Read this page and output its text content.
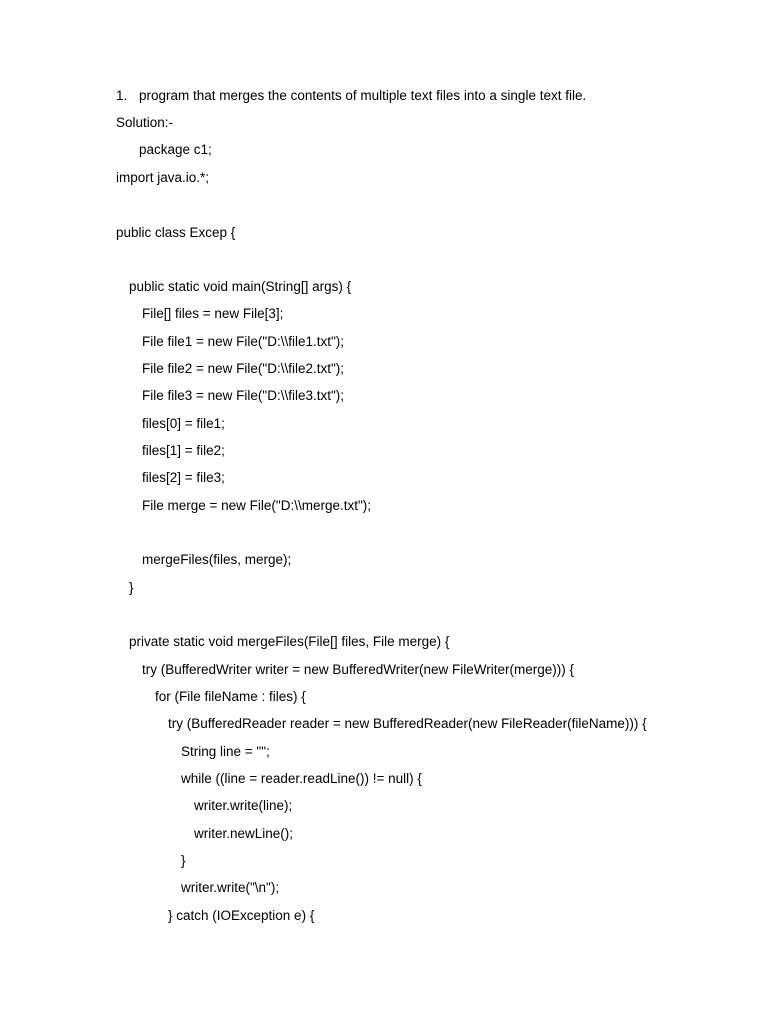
1. program that merges the contents of multiple text files into a single text file.
Solution:-
package c1;
import java.io.*;
public class Excep {
public static void main(String[] args) {
File[] files = new File[3];
File file1 = new File("D:\\file1.txt");
File file2 = new File("D:\\file2.txt");
File file3 = new File("D:\\file3.txt");
files[0] = file1;
files[1] = file2;
files[2] = file3;
File merge = new File("D:\\merge.txt");
mergeFiles(files, merge);
}
private static void mergeFiles(File[] files, File merge) {
try (BufferedWriter writer = new BufferedWriter(new FileWriter(merge))) {
for (File fileName : files) {
try (BufferedReader reader = new BufferedReader(new FileReader(fileName))) {
String line = "";
while ((line = reader.readLine()) != null) {
writer.write(line);
writer.newLine();
}
writer.write("\n");
} catch (IOException e) {
